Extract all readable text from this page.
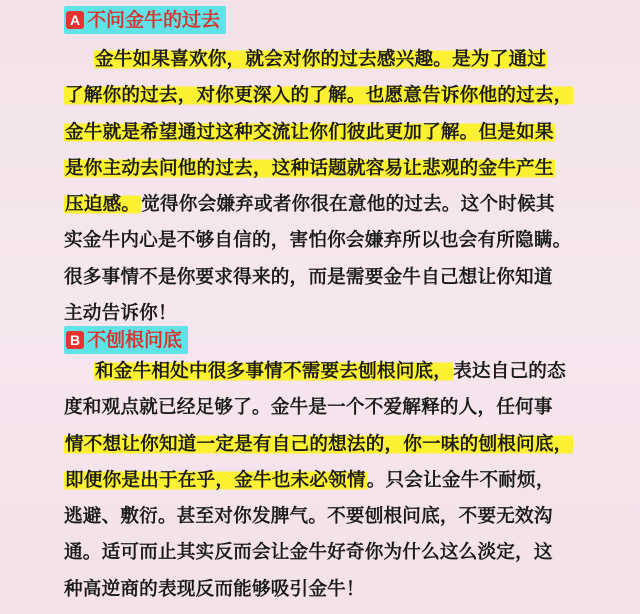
A 不问金牛的过去
金牛如果喜欢你，就会对你的过去感兴趣。是为了通过
了解你的过去，对你更深入的了解。也愿意告诉你他的过去，
金牛就是希望通过这种交流让你们彼此更加了解。但是如果
是你主动去问他的过去，这种话题就容易让悲观的金牛产生
压迫感。觉得你会嫌弃或者你很在意他的过去。这个时候其
实金牛内心是不够自信的，害怕你会嫌弃所以也会有所隐瞒。
很多事情不是你要求得来的，而是需要金牛自己想让你知道
主动告诉你！
B 不刨根问底
和金牛相处中很多事情不需要去刨根问底，表达自己的态
度和观点就已经足够了。金牛是一个不爱解释的人，任何事
情不想让你知道一定是有自己的想法的，你一味的刨根问底，
即便你是出于在乎，金牛也未必领情。只会让金牛不耐烦，
逃避、敷衍。甚至对你发脾气。不要刨根问底，不要无效沟
通。适可而止其实反而会让金牛好奇你为什么这么淡定，这
种高逆商的表现反而能够吸引金牛！
